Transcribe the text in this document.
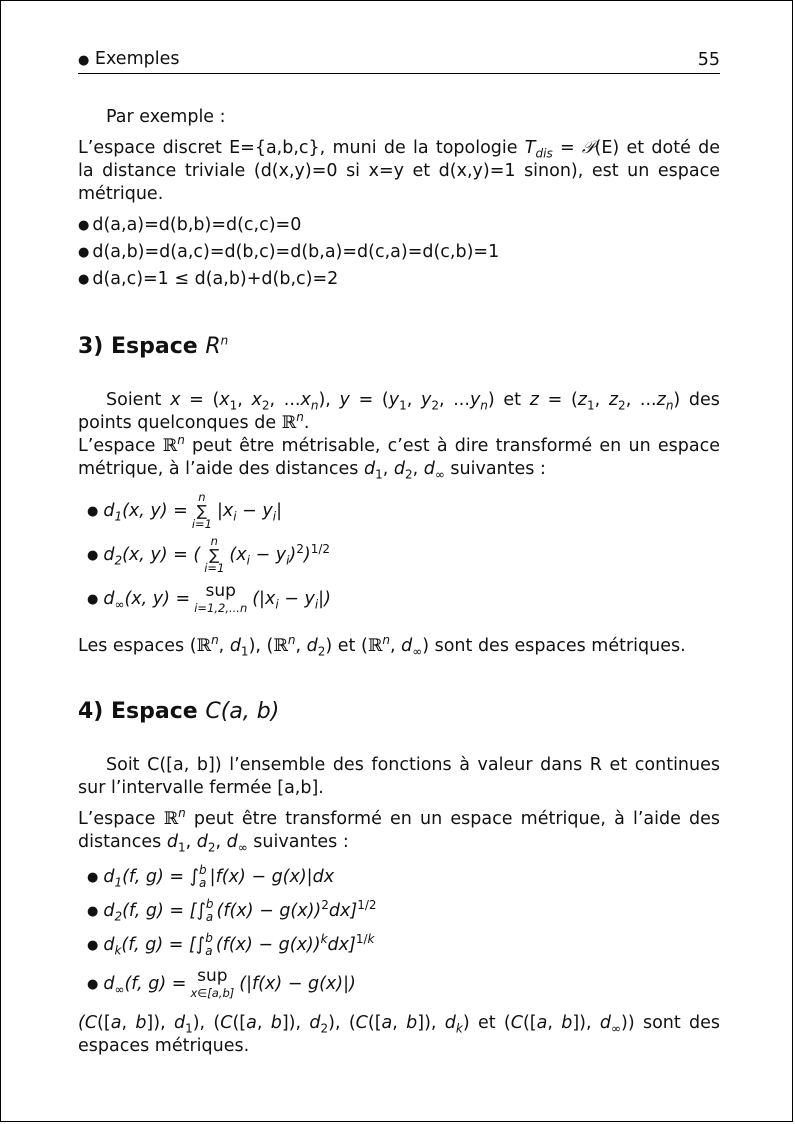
● Exemples	55

Par exemple :

L’espace discret E={a,b,c}, muni de la topologie $T_{dis}$ = 𝒫(E) et doté de la distance triviale (d(x,y)=0 si x=y et d(x,y)=1 sinon), est un espace métrique.

● d(a,a)=d(b,b)=d(c,c)=0
● d(a,b)=d(a,c)=d(b,c)=d(b,a)=d(c,a)=d(c,b)=1
● d(a,c)=1 ≤ d(a,b)+d(b,c)=2
3) Espace $R^n$

Soient $x = (x_1$, $x_2$, $...x_n$), $y = (y_1$, $y_2$, $...y_n$) et $z = (z_1$, $z_2$, $...z_n$) des points quelconques de ℝ$^n$.

L’espace ℝ$^n$ peut être métrisable, c’est à dire transformé en un espace métrique, à l’aide des distances $d_1$, $d_2$, $d_\infty$ suivantes :

● $d_1(x$, y) =
n
∑
i=1
$|x_i - y_i|$
● $d_2(x$, y) = (
n
∑
i=1
$(x_i - y_i)^2)^{1/2}$
● $d_\infty(x$, y) = sup
i=1,2,...n $(|x_i - y_i|)$

Les espaces (ℝ$^n$, $d_1$), (ℝ$^n$, $d_2$) et (ℝ$^n$, $d_\infty$) sont des espaces métriques.

4) Espace C(a, b)

Soit C([a, b]) l’ensemble des fonctions à valeur dans R et continues sur l’intervalle fermée [a,b].

L’espace ℝ$^n$ peut être transformé en un espace métrique, à l’aide des distances $d_1$, $d_2$, $d_\infty$ suivantes :

● $d_1(f$, g) = ∫ b
a |f(x) − g(x)|dx
● $d_2(f$, g) = [∫ b
a $(f(x) - g(x))^2dx]^{1/2}$
● $d_k(f$, g) = [∫ b
a $(f(x) - g(x))^kdx]^{1/k}$
● $d_\infty(f$, g) = sup
x∈[a,b] (|f(x) − g(x)|)

(C([a, b]), $d_1$), (C([a, b]), $d_2$), (C([a, b]), $d_k$) et (C([a, b]), $d_\infty$)) sont des espaces métriques.
